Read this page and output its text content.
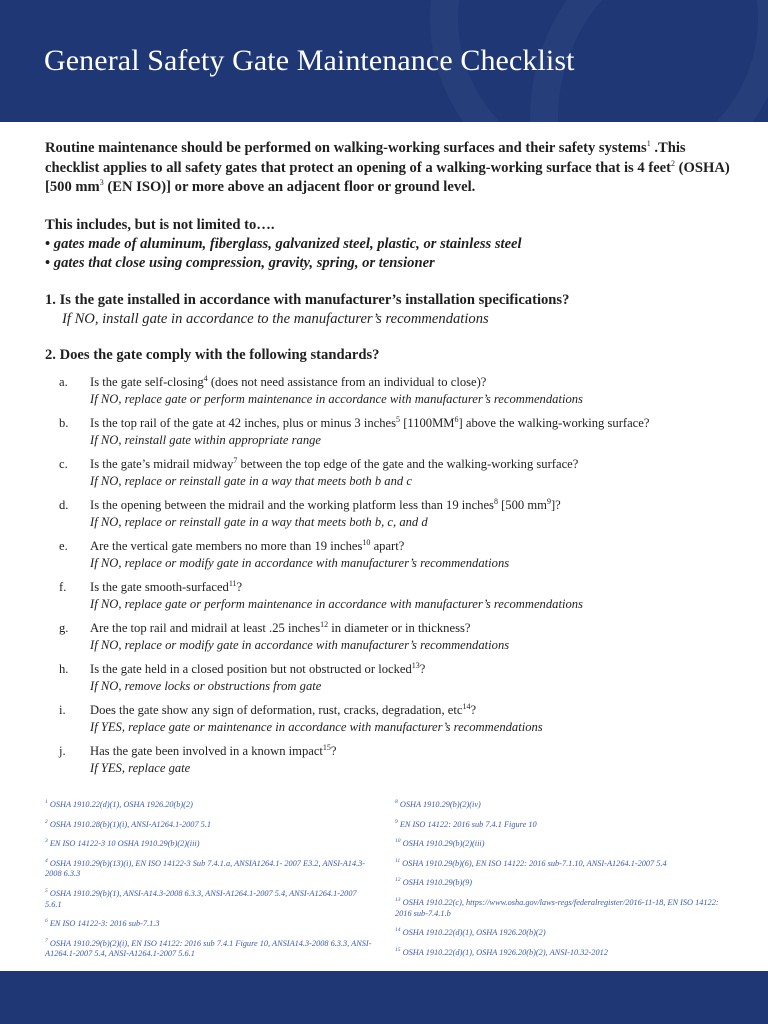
General Safety Gate Maintenance Checklist

Routine maintenance should be performed on walking-working surfaces and their safety systems$^1$ .This checklist applies to all safety gates that protect an opening of a walking-working surface that is 4 feet$^2$ (OSHA) [500 $mm^3$ (EN ISO)] or more above an adjacent floor or ground level.

This includes, but is not limited to….

• gates made of aluminum, fiberglass, galvanized steel, plastic, or stainless steel

• gates that close using compression, gravity, spring, or tensioner

1. Is the gate installed in accordance with manufacturer’s installation specifications?

If NO, install gate in accordance to the manufacturer’s recommendations

2. Does the gate comply with the following standards?

a. Is the gate self-closing$^4$ (does not need assistance from an individual to close)?
If NO, replace gate or perform maintenance in accordance with manufacturer’s recommendations
b. Is the top rail of the gate at 42 inches, plus or minus 3 inches$^5$ $[1100MM^6]$ above the walking-working surface?
If NO, reinstall gate within appropriate range
c. Is the gate’s midrail midway$^7$ between the top edge of the gate and the walking-working surface?
If NO, replace or reinstall gate in a way that meets both b and c
d. Is the opening between the midrail and the working platform less than 19 inches$^8$ [500 $mm^9$]?
If NO, replace or reinstall gate in a way that meets both b, c, and d
e. Are the vertical gate members no more than 19 inches$^{10}$ apart?
If NO, replace or modify gate in accordance with manufacturer’s recommendations
f. Is the gate smooth-surfaced$^{11}$?
If NO, replace gate or perform maintenance in accordance with manufacturer’s recommendations
g. Are the top rail and midrail at least .25 inches$^{12}$ in diameter or in thickness?
If NO, replace or modify gate in accordance with manufacturer’s recommendations
h. Is the gate held in a closed position but not obstructed or locked$^{13}$?
If NO, remove locks or obstructions from gate
i. Does the gate show any sign of deformation, rust, cracks, degradation, etc$^{14}$?
If YES, replace gate or maintenance in accordance with manufacturer’s recommendations
j. Has the gate been involved in a known impact$^{15}$?
If YES, replace gate

$^1$ OSHA 1910.22(d)(1), OSHA 1926.20(b)(2)

$^2$ OSHA 1910.28(b)(1)(i), ANSI-A1264.1-2007 5.1

$^3$ EN ISO 14122-3 10 OSHA 1910.29(b)(2)(iii)

$^4$ OSHA 1910.29(b)(13)(i), EN ISO 14122-3 Sub 7.4.1.a, ANSIA1264.1- 2007 E3.2, ANSI-A14.3-2008 6.3.3

$^5$ OSHA 1910.29(b)(1), ANSI-A14.3-2008 6.3.3, ANSI-A1264.1-2007 5.4, ANSI-A1264.1-2007 5.6.1

$^6$ EN ISO 14122-3: 2016 sub-7.1.3

$^7$ OSHA 1910.29(b)(2)(i), EN ISO 14122: 2016 sub 7.4.1 Figure 10, ANSIA14.3-2008 6.3.3, ANSI-A1264.1-2007 5.4, ANSI-A1264.1-2007 5.6.1

$^8$ OSHA 1910.29(b)(2)(iv)

$^9$ EN ISO 14122: 2016 sub 7.4.1 Figure 10

$^{10}$ OSHA 1910.29(b)(2)(iii)

$^{11}$ OSHA 1910.29(b)(6), EN ISO 14122: 2016 sub-7.1.10, ANSI-A1264.1-2007 5.4

$^{12}$ OSHA 1910.29(b)(9)

$^{13}$ OSHA 1910.22(c), https://www.osha.gov/laws-regs/federalregister/2016-11-18, EN ISO 14122: 2016 sub-7.4.1.b

$^{14}$ OSHA 1910.22(d)(1), OSHA 1926.20(b)(2)

$^{15}$ OSHA 1910.22(d)(1), OSHA 1926.20(b)(2), ANSI-10.32-2012
